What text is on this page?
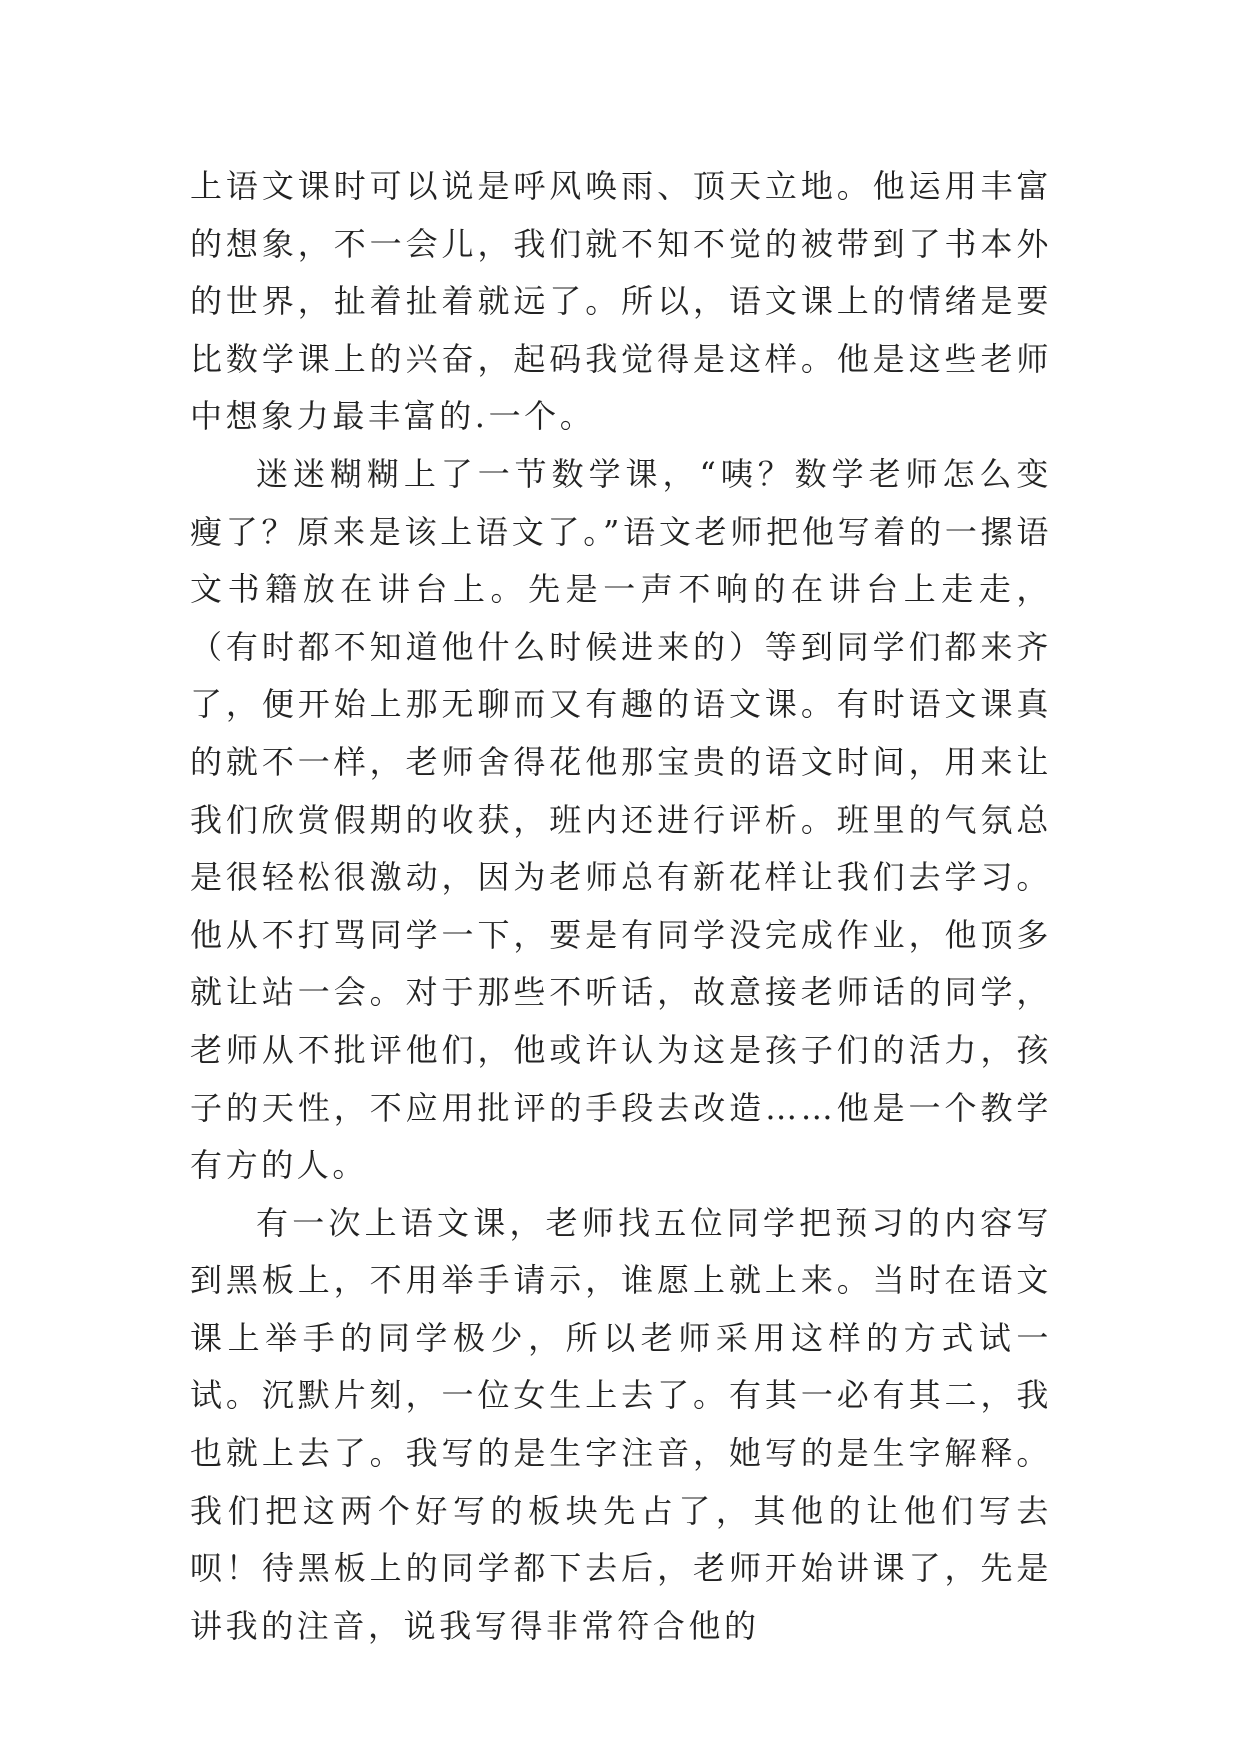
上语文课时可以说是呼风唤雨、顶天立地。他运用丰富的想象，不一会儿，我们就不知不觉的被带到了书本外的世界，扯着扯着就远了。所以，语文课上的情绪是要比数学课上的兴奋，起码我觉得是这样。他是这些老师中想象力最丰富的.一个。

迷迷糊糊上了一节数学课，“咦？数学老师怎么变瘦了？原来是该上语文了。”语文老师把他写着的一摞语文书籍放在讲台上。先是一声不响的在讲台上走走，（有时都不知道他什么时候进来的）等到同学们都来齐了，便开始上那无聊而又有趣的语文课。有时语文课真的就不一样，老师舍得花他那宝贵的语文时间，用来让我们欣赏假期的收获，班内还进行评析。班里的气氛总是很轻松很激动，因为老师总有新花样让我们去学习。他从不打骂同学一下，要是有同学没完成作业，他顶多就让站一会。对于那些不听话，故意接老师话的同学，老师从不批评他们，他或许认为这是孩子们的活力，孩子的天性，不应用批评的手段去改造……他是一个教学有方的人。

有一次上语文课，老师找五位同学把预习的内容写到黑板上，不用举手请示，谁愿上就上来。当时在语文课上举手的同学极少，所以老师采用这样的方式试一试。沉默片刻，一位女生上去了。有其一必有其二，我也就上去了。我写的是生字注音，她写的是生字解释。我们把这两个好写的板块先占了，其他的让他们写去呗！待黑板上的同学都下去后，老师开始讲课了，先是讲我的注音，说我写得非常符合他的
